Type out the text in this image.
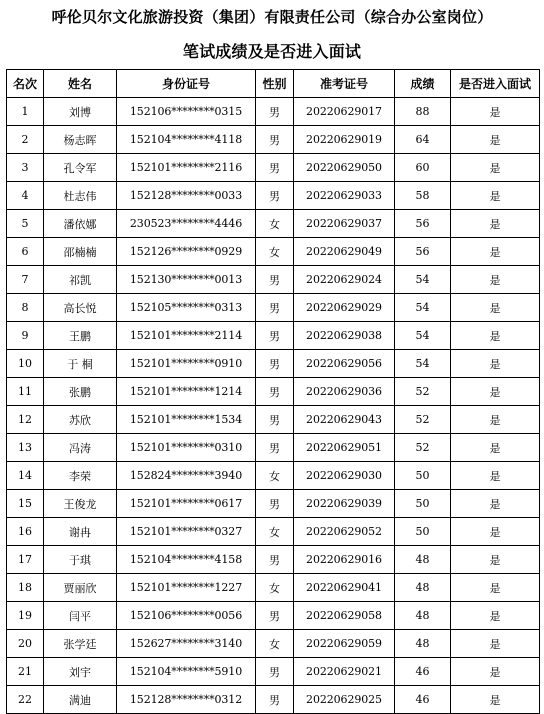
呼伦贝尔文化旅游投资（集团）有限责任公司（综合办公室岗位）
笔试成绩及是否进入面试
名次	姓名	身份证号	性别	准考证号	成绩	是否进入面试
1	刘博	152106********0315	男	20220629017	88	是
2	杨志晖	152104********4118	男	20220629019	64	是
3	孔令军	152101********2116	男	20220629050	60	是
4	杜志伟	152128********0033	男	20220629033	58	是
5	潘依娜	230523********4446	女	20220629037	56	是
6	邵楠楠	152126********0929	女	20220629049	56	是
7	祁凯	152130********0013	男	20220629024	54	是
8	高长悦	152105********0313	男	20220629029	54	是
9	王鹏	152101********2114	男	20220629038	54	是
10	于 桐	152101********0910	男	20220629056	54	是
11	张鹏	152101********1214	男	20220629036	52	是
12	苏欣	152101********1534	男	20220629043	52	是
13	冯涛	152101********0310	男	20220629051	52	是
14	李荣	152824********3940	女	20220629030	50	是
15	王俊龙	152101********0617	男	20220629039	50	是
16	谢冉	152101********0327	女	20220629052	50	是
17	于琪	152104********4158	男	20220629016	48	是
18	贾丽欣	152101********1227	女	20220629041	48	是
19	闫平	152106********0056	男	20220629058	48	是
20	张学廷	152627********3140	女	20220629059	48	是
21	刘宇	152104********5910	男	20220629021	46	是
22	满迪	152128********0312	男	20220629025	46	是
